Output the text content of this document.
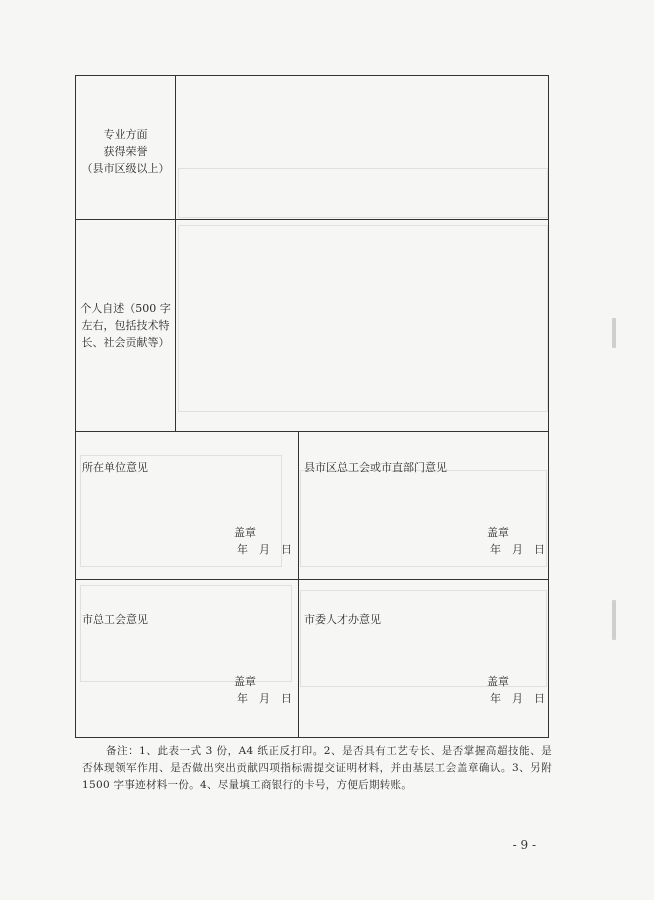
专业方面
获得荣誉
（县市区级以上）
个人自述（500 字
左右，包括技术特
长、社会贡献等）
所在单位意见
盖章
年　月　日
县市区总工会或市直部门意见
盖章
年　月　日
市总工会意见
盖章
年　月　日
市委人才办意见
盖章
年　月　日
备注：1、此表一式 3 份，A4 纸正反打印。2、是否具有工艺专长、是否掌握高超技能、是否体现领军作用、是否做出突出贡献四项指标需提交证明材料，并由基层工会盖章确认。3、另附 1500 字事迹材料一份。4、尽量填工商银行的卡号，方便后期转账。
- 9 -
